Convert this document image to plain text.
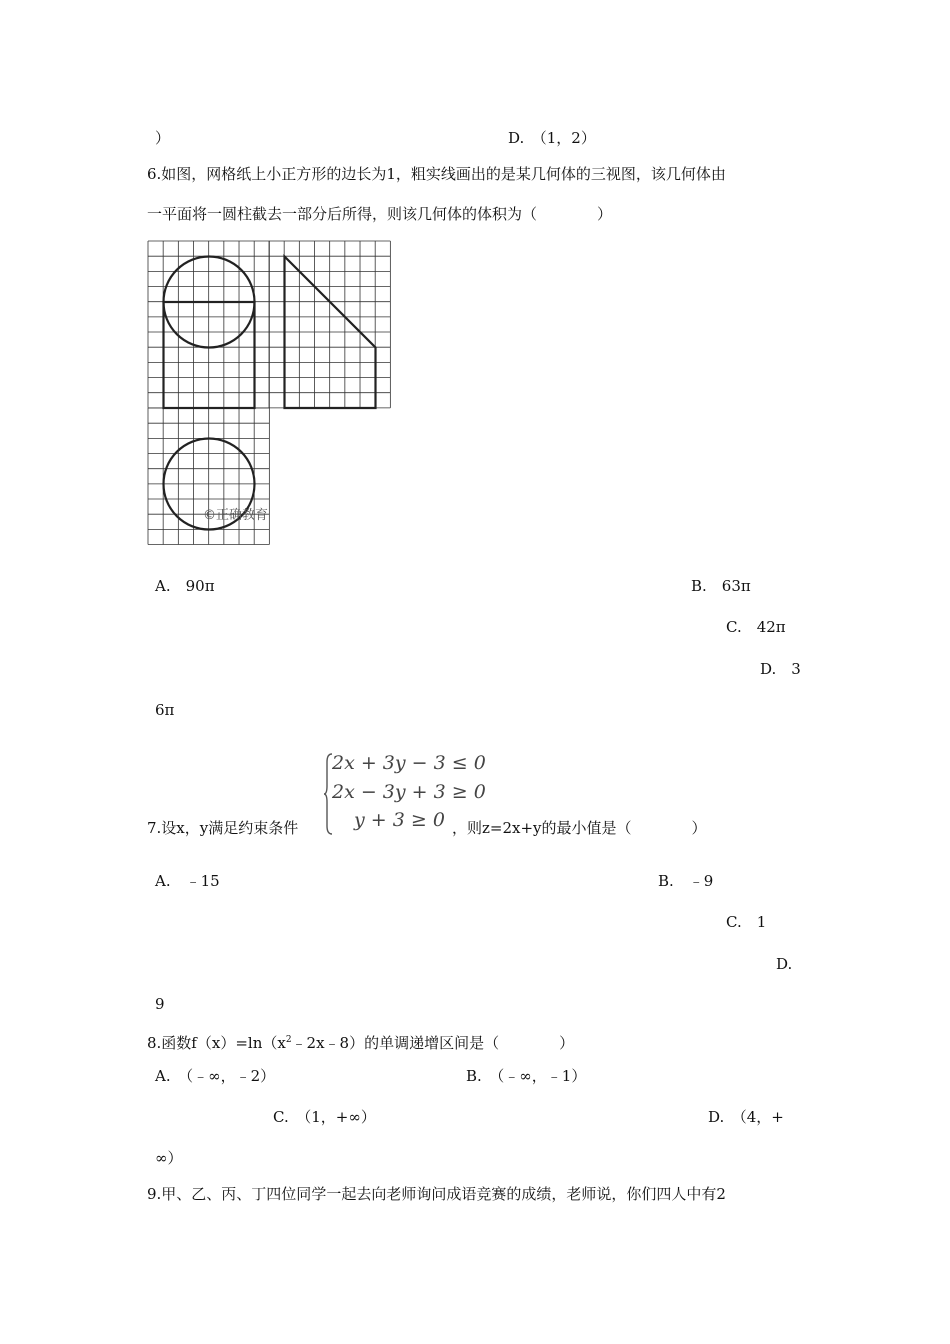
）	D.　（1，2）
6.如图，网格纸上小正方形的边长为1，粗实线画出的是某几何体的三视图，该几何体由
一平面将一圆柱截去一部分后所得，则该几何体的体积为（　　　　）
©正确教育
A.　90π	B.　63π
C.　42π
D.　3
6π
7.设x，y满足约束条件
2x + 3y − 3 ≤ 0
2x − 3y + 3 ≥ 0
y + 3 ≥ 0 ，则z=2x+y的最小值是（　　　　）
A.　﹣15	B.　﹣9
C.　1
D.
9
8.函数$f(x)=\ln(x^2﹣2x﹣8)$的单调递增区间是（　　　　）
A.　（﹣∞，﹣2）	B.　（﹣∞，﹣1）
C.　（1，+∞）	D.　（4，+
∞）
9.甲、乙、丙、丁四位同学一起去向老师询问成语竞赛的成绩，老师说，你们四人中有2
